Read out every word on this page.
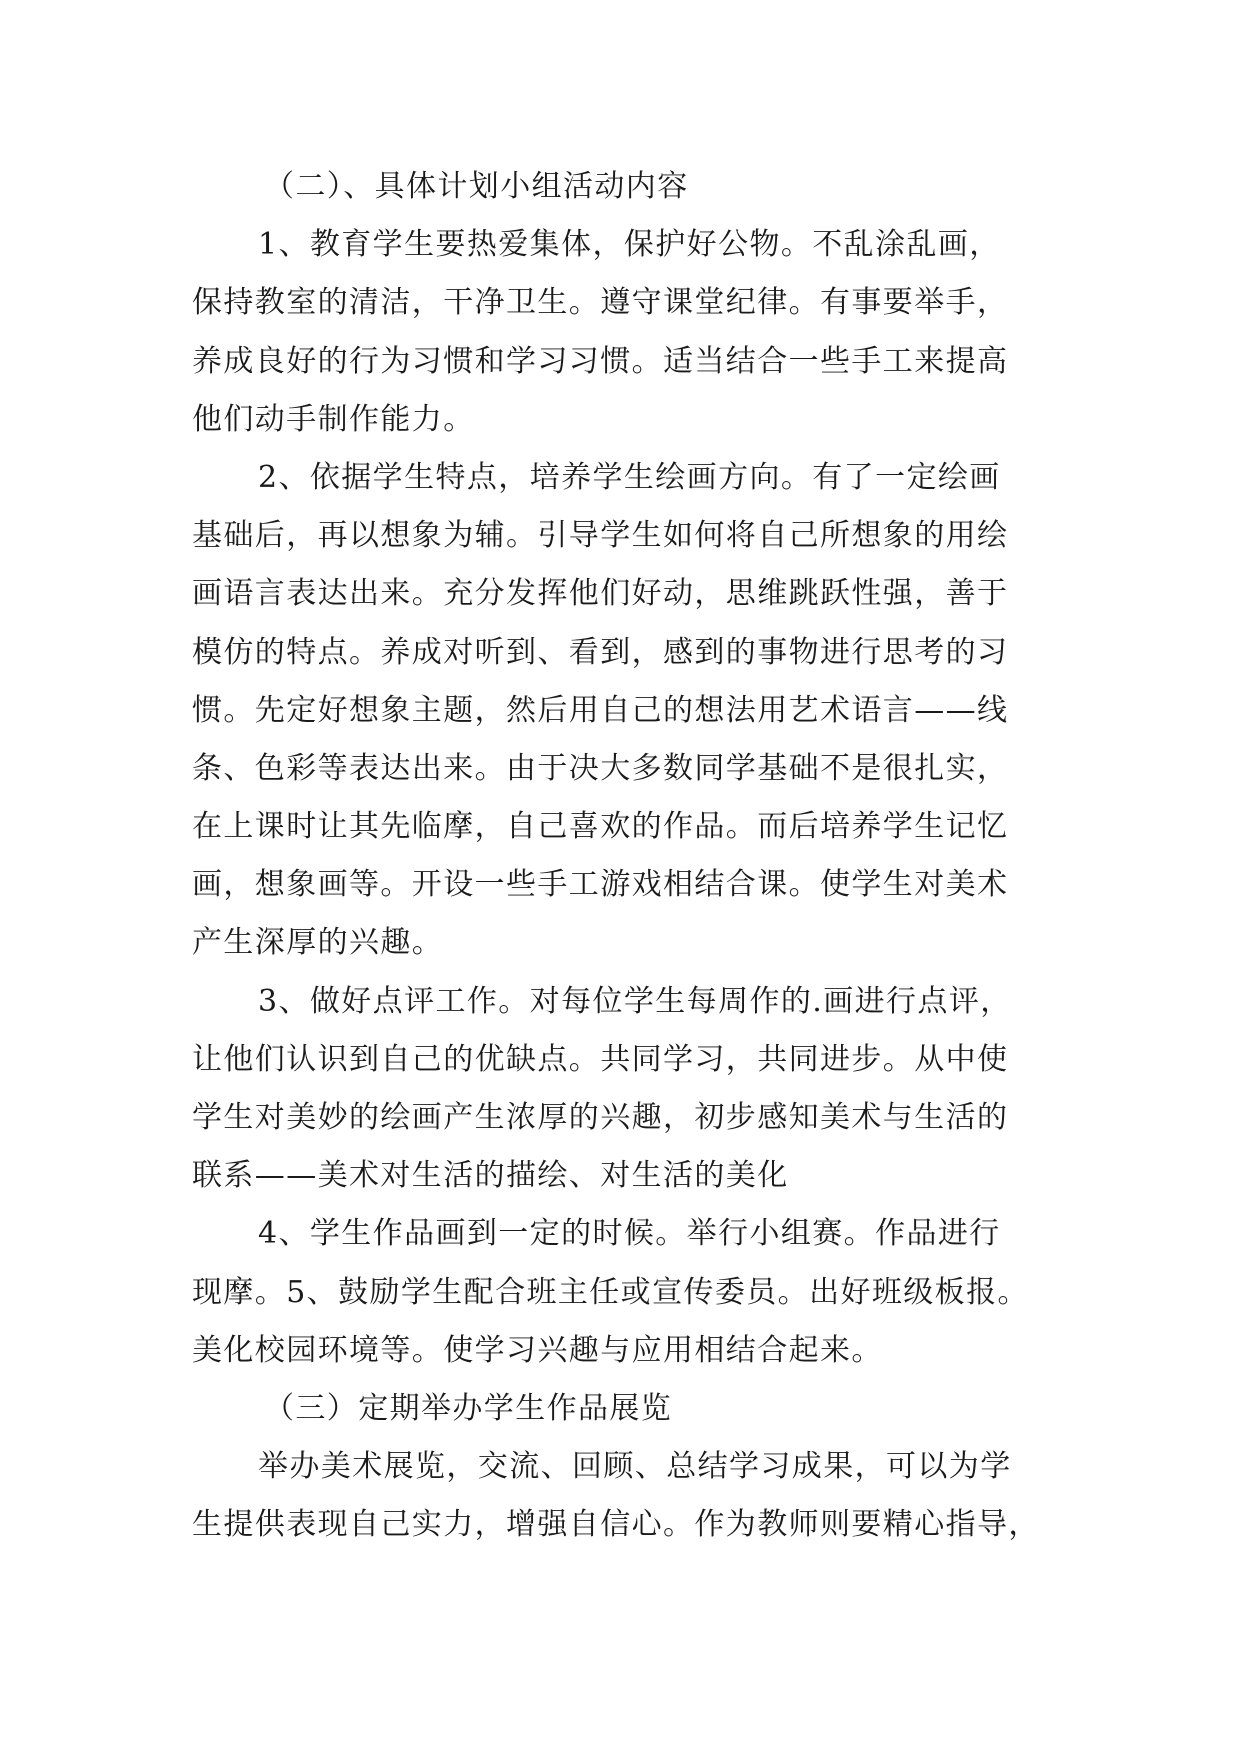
（二）、具体计划小组活动内容
1、教育学生要热爱集体，保护好公物。不乱涂乱画，
保持教室的清洁，干净卫生。遵守课堂纪律。有事要举手，
养成良好的行为习惯和学习习惯。适当结合一些手工来提高
他们动手制作能力。
2、依据学生特点，培养学生绘画方向。有了一定绘画
基础后，再以想象为辅。引导学生如何将自己所想象的用绘
画语言表达出来。充分发挥他们好动，思维跳跃性强，善于
模仿的特点。养成对听到、看到，感到的事物进行思考的习
惯。先定好想象主题，然后用自己的想法用艺术语言——线
条、色彩等表达出来。由于决大多数同学基础不是很扎实，
在上课时让其先临摩，自己喜欢的作品。而后培养学生记忆
画，想象画等。开设一些手工游戏相结合课。使学生对美术
产生深厚的兴趣。
3、做好点评工作。对每位学生每周作的.画进行点评，
让他们认识到自己的优缺点。共同学习，共同进步。从中使
学生对美妙的绘画产生浓厚的兴趣，初步感知美术与生活的
联系——美术对生活的描绘、对生活的美化
4、学生作品画到一定的时候。举行小组赛。作品进行
现摩。5、鼓励学生配合班主任或宣传委员。出好班级板报。
美化校园环境等。使学习兴趣与应用相结合起来。
（三）定期举办学生作品展览
举办美术展览，交流、回顾、总结学习成果，可以为学
生提供表现自己实力，增强自信心。作为教师则要精心指导，
